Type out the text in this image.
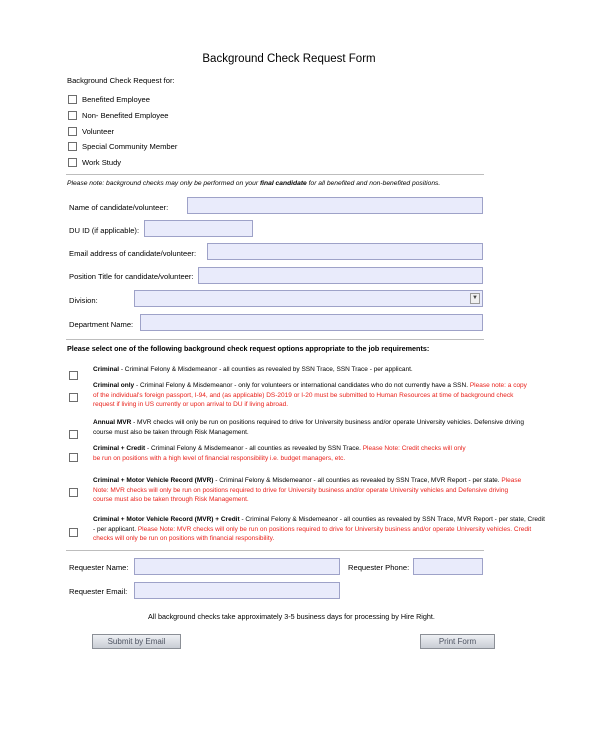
Background Check Request Form
Background Check Request for:
Benefited Employee
Non- Benefited Employee
Volunteer
Special Community Member
Work Study
Please note: background checks may only be performed on your final candidate for all benefited and non-benefited positions.
Name of candidate/volunteer:
DU ID (if applicable):
Email address of candidate/volunteer:
Position Title for candidate/volunteer:
Division:	▼
Department Name:
Please select one of the following background check request options appropriate to the job requirements:
Criminal - Criminal Felony & Misdemeanor - all counties as revealed by SSN Trace, SSN Trace - per applicant.
Criminal only - Criminal Felony & Misdemeanor - only for volunteers or international candidates who do not currently have a SSN. Please note: a copy
of the individual's foreign passport, I-94, and (as applicable) DS-2019 or I-20 must be submitted to Human Resources at time of background check
request if living in US currently or upon arrival to DU if living abroad.
Annual MVR - MVR checks will only be run on positions required to drive for University business and/or operate University vehicles. Defensive driving
course must also be taken through Risk Management.
Criminal + Credit - Criminal Felony & Misdemeanor - all counties as revealed by SSN Trace. Please Note: Credit checks will only
be run on positions with a high level of financial responsibility i.e. budget managers, etc.
Criminal + Motor Vehicle Record (MVR) - Criminal Felony & Misdemeanor - all counties as revealed by SSN Trace, MVR Report - per state. Please
Note: MVR checks will only be run on positions required to drive for University business and/or operate University vehicles and Defensive driving
course must also be taken through Risk Management.
Criminal + Motor Vehicle Record (MVR) + Credit - Criminal Felony & Misdemeanor - all counties as revealed by SSN Trace, MVR Report - per state, Credit
- per applicant. Please Note: MVR checks will only be run on positions required to drive for University business and/or operate University vehicles. Credit
checks will only be run on positions with financial responsibility.
Requester Name:	Requester Phone:
Requester Email:
All background checks take approximately 3-5 business days for processing by Hire Right.
Submit by Email	Print Form
